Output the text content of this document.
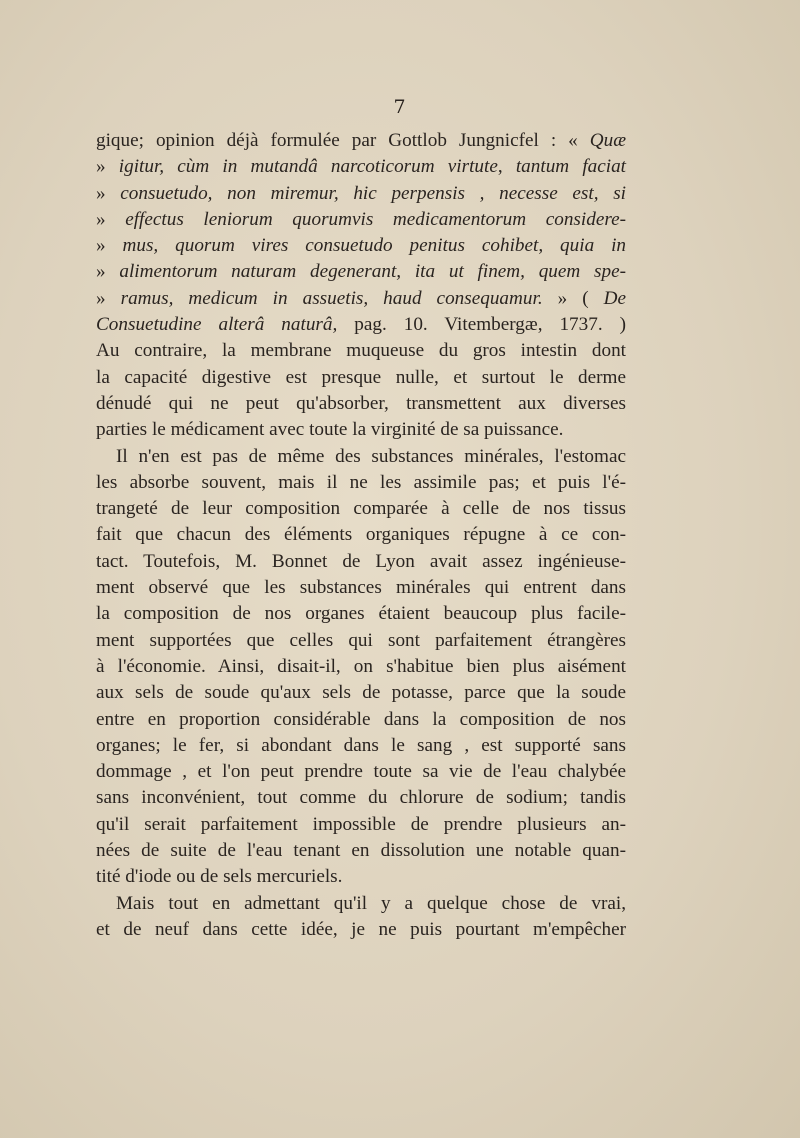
7
gique; opinion déjà formulée par Gottlob Jungnicfel : « Quæ
» igitur, cùm in mutandâ narcoticorum virtute, tantum faciat
» consuetudo, non miremur, hic perpensis , necesse est, si
» effectus leniorum quorumvis medicamentorum considere-
» mus, quorum vires consuetudo penitus cohibet, quia in
» alimentorum naturam degenerant, ita ut finem, quem spe-
» ramus, medicum in assuetis, haud consequamur. » ( De
Consuetudine alterâ naturâ, pag. 10. Vitembergæ, 1737. )
Au contraire, la membrane muqueuse du gros intestin dont
la capacité digestive est presque nulle, et surtout le derme
dénudé qui ne peut qu'absorber, transmettent aux diverses
parties le médicament avec toute la virginité de sa puissance.
Il n'en est pas de même des substances minérales, l'estomac
les absorbe souvent, mais il ne les assimile pas; et puis l'é-
trangeté de leur composition comparée à celle de nos tissus
fait que chacun des éléments organiques répugne à ce con-
tact. Toutefois, M. Bonnet de Lyon avait assez ingénieuse-
ment observé que les substances minérales qui entrent dans
la composition de nos organes étaient beaucoup plus facile-
ment supportées que celles qui sont parfaitement étrangères
à l'économie. Ainsi, disait-il, on s'habitue bien plus aisément
aux sels de soude qu'aux sels de potasse, parce que la soude
entre en proportion considérable dans la composition de nos
organes; le fer, si abondant dans le sang , est supporté sans
dommage , et l'on peut prendre toute sa vie de l'eau chalybée
sans inconvénient, tout comme du chlorure de sodium; tandis
qu'il serait parfaitement impossible de prendre plusieurs an-
nées de suite de l'eau tenant en dissolution une notable quan-
tité d'iode ou de sels mercuriels.
Mais tout en admettant qu'il y a quelque chose de vrai,
et de neuf dans cette idée, je ne puis pourtant m'empêcher
